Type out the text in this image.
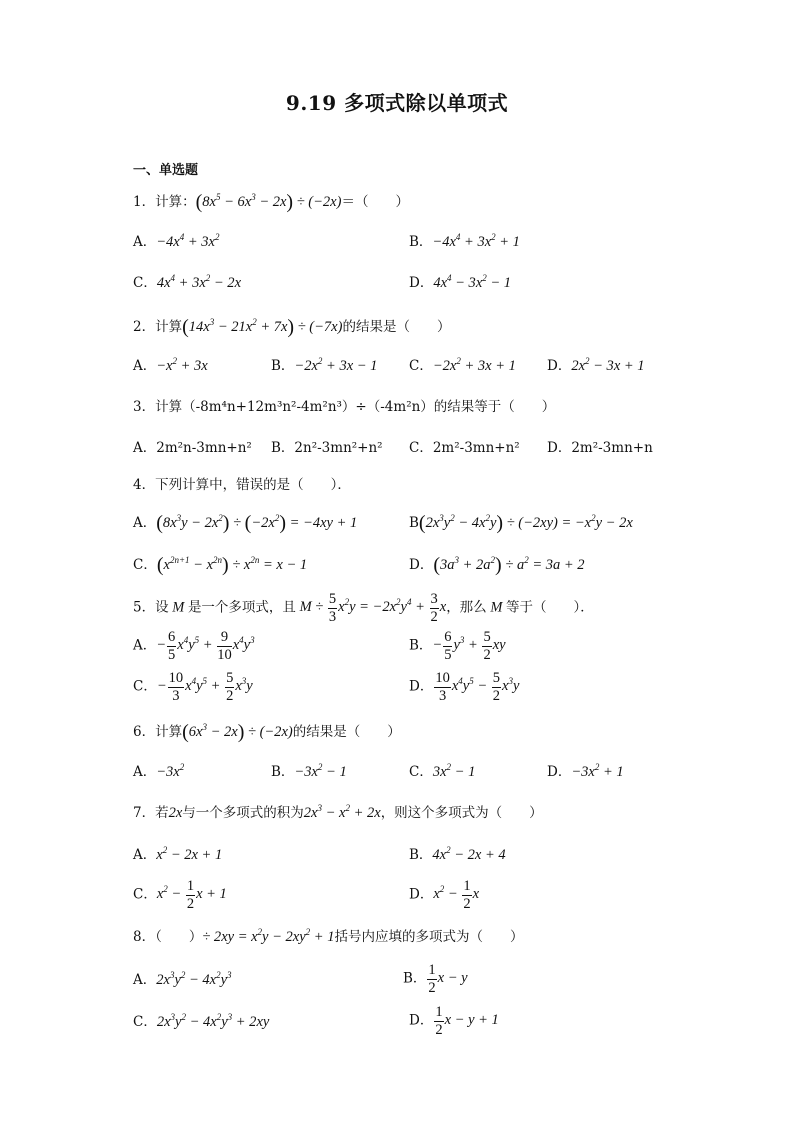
9.19 多项式除以单项式
一、单选题
1．计算：$(8x^5 - 6x^3 - 2x) \div (-2x)=$（　　）
A．$-4x^4 + 3x^2$	B．$-4x^4 + 3x^2 + 1$
C．$4x^4 + 3x^2 - 2x$	D．$4x^4 - 3x^2 - 1$
2．计算$(14x^3 - 21x^2 + 7x) \div (-7x)$的结果是（　　）
A．$-x^2 + 3x$	B．$-2x^2 + 3x - 1$ C．$-2x^2 + 3x + 1$ D．$2x^2 - 3x + 1$
3．计算（-8m⁴n+12m³n²-4m²n³）÷（-4m²n）的结果等于（　　）
A．2m²n-3mn+n² B．2n²-3mn²+n² C．2m²-3mn+n² D．2m²-3mn+n
4．下列计算中，错误的是（　　）．
A．$(8x^3y - 2x^2) \div (-2x^2) = -4xy + 1$	$B(2x^3y^2 - 4x^2y) \div (-2xy) = -x^2y - 2x$
C．$(x^{2n+1} - x^{2n}) \div x^{2n} = x - 1$	D．$(3a^3 + 2a^2) \div a^2 = 3a + 2$
5．设 M 是一个多项式，且 $M \div \frac{5}{3} x^2y = -2x^2y^4 + \frac{3}{2}$ x，那么 M 等于（　　）．
A．− $\frac{6}{5} x^4y^5 + \frac{9}{10} x^4y^3$	B．− $\frac{6}{5} y^3 + \frac{5}{2}$ xy
C．− $\frac{10}{3} x^4y^5 + \frac{5}{2} x^3y$	D． $\frac{10}{3} x^4y^5 - \frac{5}{2} x^3y$
6．计算$(6x^3 - 2x) \div (-2x)$的结果是（　　）
A．$-3x^2$	B．$-3x^2 - 1$	C．$3x^2 - 1$	D．$-3x^2 + 1$
7．若2x与一个多项式的积为$2x^3 - x^2 + 2x$，则这个多项式为（　　）
A．$x^2 - 2x + 1$	B．$4x^2 - 2x + 4$
C．$x^2 - \frac{1}{2}$ x + 1	D．$x^2 - \frac{1}{2}$ x
8．（　　）÷ $2xy = x^2y - 2xy^2 + 1$括号内应填的多项式为（　　）
A．$2x^3y^2 - 4x^2y^3$	B． $\frac{1}{2}$ x − y
C．$2x^3y^2 - 4x^2y^3 + 2xy$	D． $\frac{1}{2}$ x − y + 1
